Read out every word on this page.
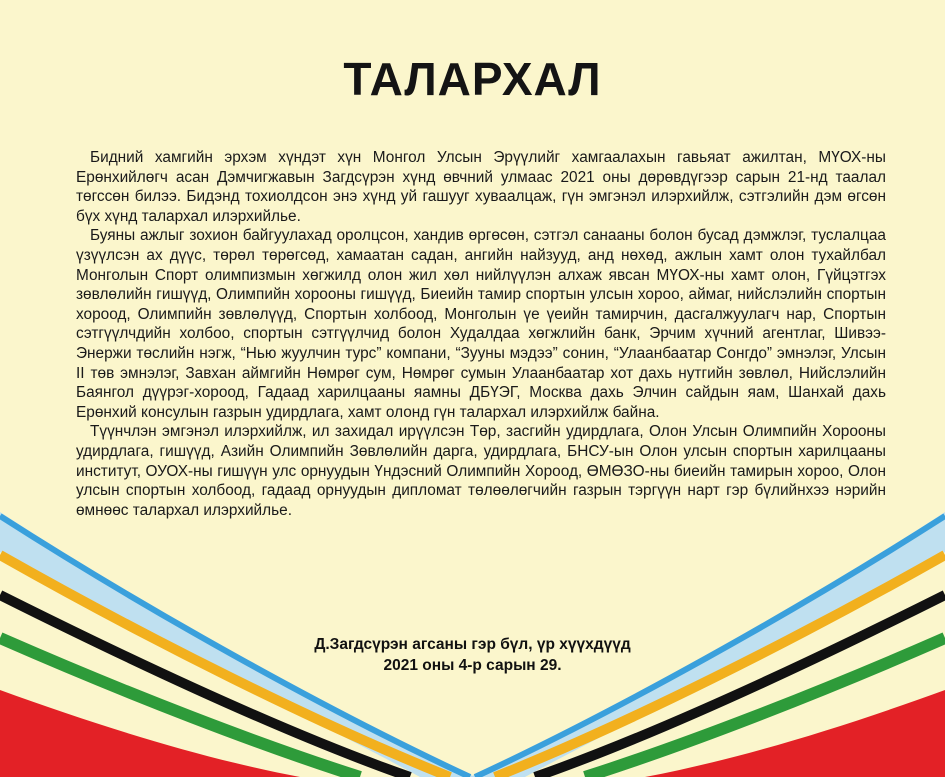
ТАЛАРХАЛ

Бидний хамгийн эрхэм хүндэт хүн Монгол Улсын Эрүүлийг хамгаалахын гавьяат ажилтан, МҮОХ-ны Ерөнхийлөгч асан Дэмчигжавын Загдсүрэн хүнд өвчний улмаас 2021 оны дөрөвдүгээр сарын 21-нд таалал төгссөн билээ. Бидэнд тохиолдсон энэ хүнд уй гашууг хуваалцаж, гүн эмгэнэл илэрхийлж, сэтгэлийн дэм өгсөн бүх хүнд талархал илэрхийлье.

Буяны ажлыг зохион байгуулахад оролцсон, хандив өргөсөн, сэтгэл санааны болон бусад дэмжлэг, туслалцаа үзүүлсэн ах дүүс, төрөл төрөгсөд, хамаатан садан, ангийн найзууд, анд нөхөд, ажлын хамт олон тухайлбал Монголын Спорт олимпизмын хөгжилд олон жил хөл нийлүүлэн алхаж явсан МҮОХ-ны хамт олон, Гүйцэтгэх зөвлөлийн гишүүд, Олимпийн хорооны гишүүд, Биеийн тамир спортын улсын хороо, аймаг, нийслэлийн спортын хороод, Олимпийн зөвлөлүүд, Спортын холбоод, Монголын үе үеийн тамирчин, дасгалжуулагч нар, Спортын сэтгүүлчдийн холбоо, спортын сэтгүүлчид болон Худалдаа хөгжлийн банк, Эрчим хүчний агентлаг, Шивээ-Энержи төслийн нэгж, “Нью жуулчин турс” компани, “Зууны мэдээ” сонин, “Улаанбаатар Сонгдо” эмнэлэг, Улсын II төв эмнэлэг, Завхан аймгийн Нөмрөг сум, Нөмрөг сумын Улаанбаатар хот дахь нутгийн зөвлөл, Нийслэлийн Баянгол дүүрэг-хороод, Гадаад харилцааны яамны ДБҮЭГ, Москва дахь Элчин сайдын яам, Шанхай дахь Ерөнхий консулын газрын удирдлага, хамт олонд гүн талархал илэрхийлж байна.

Түүнчлэн эмгэнэл илэрхийлж, ил захидал ирүүлсэн Төр, засгийн удирдлага, Олон Улсын Олимпийн Хорооны удирдлага, гишүүд, Азийн Олимпийн Зөвлөлийн дарга, удирдлага, БНСУ-ын Олон улсын спортын харилцааны институт, ОУОХ-ны гишүүн улс орнуудын Үндэсний Олимпийн Хороод, ӨМӨЗО-ны биеийн тамирын хороо, Олон улсын спортын холбоод, гадаад орнуудын дипломат төлөөлөгчийн газрын тэргүүн нарт гэр бүлийнхээ нэрийн өмнөөс талархал илэрхийлье.

Д.Загдсүрэн агсаны гэр бүл, үр хүүхдүүд
2021 оны 4-р сарын 29.
